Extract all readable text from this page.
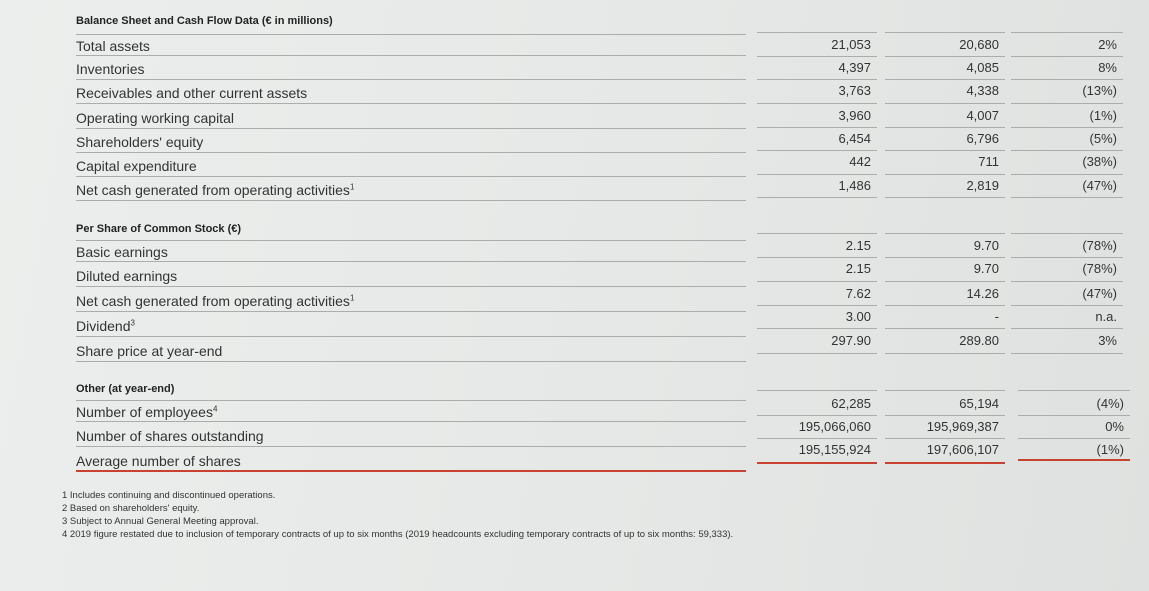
Balance Sheet and Cash Flow Data (€ in millions)
Total assets
Inventories
Receivables and other current assets
Operating working capital
Shareholders' equity
Capital expenditure
Net cash generated from operating activities$^1$
21,053
4,397
3,763
3,960
6,454
442
1,486
20,680
4,085
4,338
4,007
6,796
711
2,819
2%
8%
(13%)
(1%)
(5%)
(38%)
(47%)
Per Share of Common Stock (€)
Basic earnings
Diluted earnings
Net cash generated from operating activities$^1$
Dividend$^3$
Share price at year-end
2.15
2.15
7.62
3.00
297.90
9.70
9.70
14.26
-
289.80
(78%)
(78%)
(47%)
n.a.
3%
Other (at year-end)
Number of employees$^4$
Number of shares outstanding
Average number of shares
62,285
195,066,060
195,155,924
65,194
195,969,387
197,606,107
(4%)
0%
(1%)
1 Includes continuing and discontinued operations.
2 Based on shareholders' equity.
3 Subject to Annual General Meeting approval.
4 2019 figure restated due to inclusion of temporary contracts of up to six months (2019 headcounts excluding temporary contracts of up to six months: 59,333).
